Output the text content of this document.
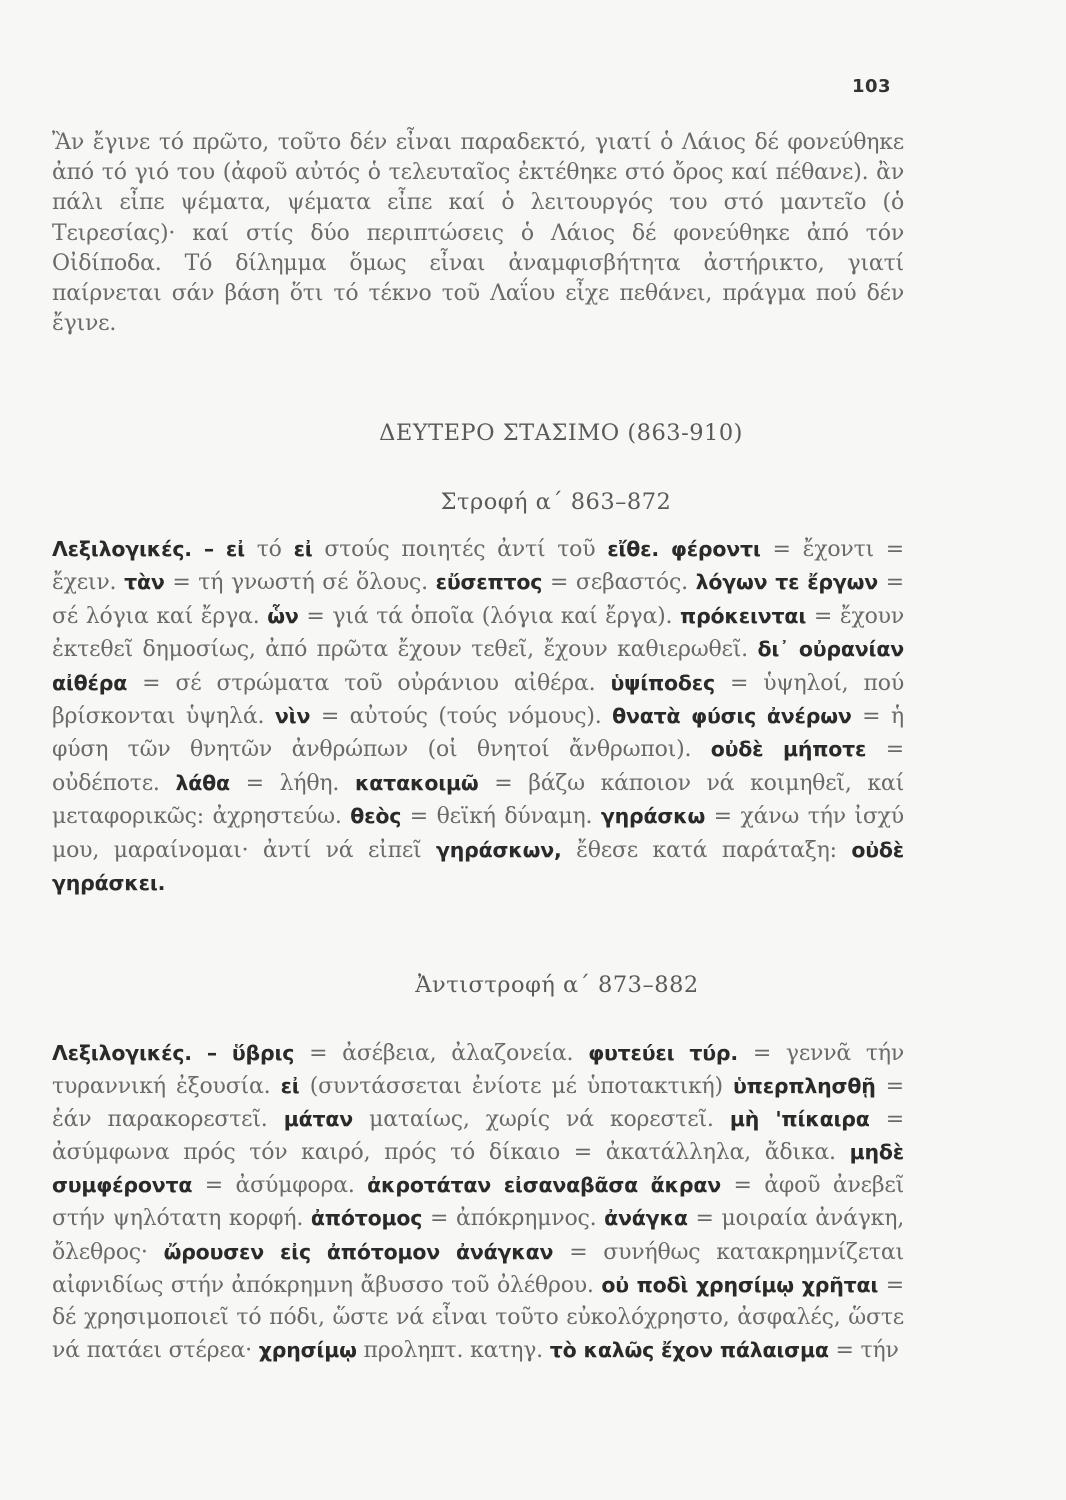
103
Ἂν ἔγινε τό πρῶτο, τοῦτο δέν εἶναι παραδεκτό, γιατί ὁ Λάιος δέ φονεύθηκε ἀπό τό γιό του (ἀφοῦ αὐτός ὁ τελευταῖος ἐκτέθηκε στό ὄρος καί πέθανε). ἂν πάλι εἶπε ψέματα, ψέματα εἶπε καί ὁ λειτουργός του στό μαντεῖο (ὁ Τειρεσίας)· καί στίς δύο περιπτώσεις ὁ Λάιος δέ φονεύθηκε ἀπό τόν Οἰδίποδα. Τό δίλημμα ὅμως εἶναι ἀναμφισβήτητα ἀστήρικτο, γιατί παίρνεται σάν βάση ὅτι τό τέκνο τοῦ Λαΐου εἶχε πεθάνει, πράγμα πού δέν ἔγινε.
ΔΕΥΤΕΡΟ ΣΤΑΣΙΜΟ (863-910)
Στροφή α΄ 863–872
Λεξιλογικές. – εἰ τό εἰ στούς ποιητές ἀντί τοῦ εἴθε. φέροντι = ἔχοντι = ἔχειν. τὰν = τή γνωστή σέ ὅλους. εὔσεπτος = σεβαστός. λόγων τε ἔργων = σέ λόγια καί ἔργα. ὧν = γιά τά ὁποῖα (λόγια καί ἔργα). πρόκεινται = ἔχουν ἐκτεθεῖ δημοσίως, ἀπό πρῶτα ἔχουν τεθεῖ, ἔχουν καθιερωθεῖ. δι᾽ οὐρανίαν αἰθέρα = σέ στρώματα τοῦ οὐράνιου αἰθέρα. ὑψίποδες = ὑψηλοί, πού βρίσκονται ὑψηλά. νὶν = αὐτούς (τούς νόμους). θνατὰ φύσις ἀνέρων = ἡ φύση τῶν θνητῶν ἀνθρώπων (οἱ θνητοί ἄνθρωποι). οὐδὲ μήποτε = οὐδέποτε. λάθα = λήθη. κατακοιμῶ = βάζω κάποιον νά κοιμηθεῖ, καί μεταφορικῶς: ἀχρηστεύω. θεὸς = θεϊκή δύναμη. γηράσκω = χάνω τήν ἰσχύ μου, μαραίνομαι· ἀντί νά εἰπεῖ γηράσκων, ἔθεσε κατά παράταξη: οὐδὲ γηράσκει.
Ἀντιστροφή α΄ 873–882
Λεξιλογικές. – ὕβρις = ἀσέβεια, ἀλαζονεία. φυτεύει τύρ. = γεννᾶ τήν τυραννική ἐξουσία. εἰ (συντάσσεται ἐνίοτε μέ ὑποτακτική) ὑπερπλησθῇ = ἐάν παρακορεστεῖ. μάταν ματαίως, χωρίς νά κορεστεῖ. μὴ 'πίκαιρα = ἀσύμφωνα πρός τόν καιρό, πρός τό δίκαιο = ἀκατάλληλα, ἄδικα. μηδὲ συμφέροντα = ἀσύμφορα. ἀκροτάταν εἰσαναβᾶσα ἄκραν = ἀφοῦ ἀνεβεῖ στήν ψηλότατη κορφή. ἀπότομος = ἀπόκρημνος. ἀνάγκα = μοιραία ἀνάγκη, ὄλεθρος· ὤρουσεν εἰς ἀπότομον ἀνάγκαν = συνήθως κατακρημνίζεται αἰφνιδίως στήν ἀπόκρημνη ἄβυσσο τοῦ ὀλέθρου. οὐ ποδὶ χρησίμῳ χρῆται = δέ χρησιμοποιεῖ τό πόδι, ὥστε νά εἶναι τοῦτο εὐκολόχρηστο, ἀσφαλές, ὥστε νά πατάει στέρεα· χρησίμῳ προληπτ. κατηγ. τὸ καλῶς ἔχον πάλαισμα = τήν
